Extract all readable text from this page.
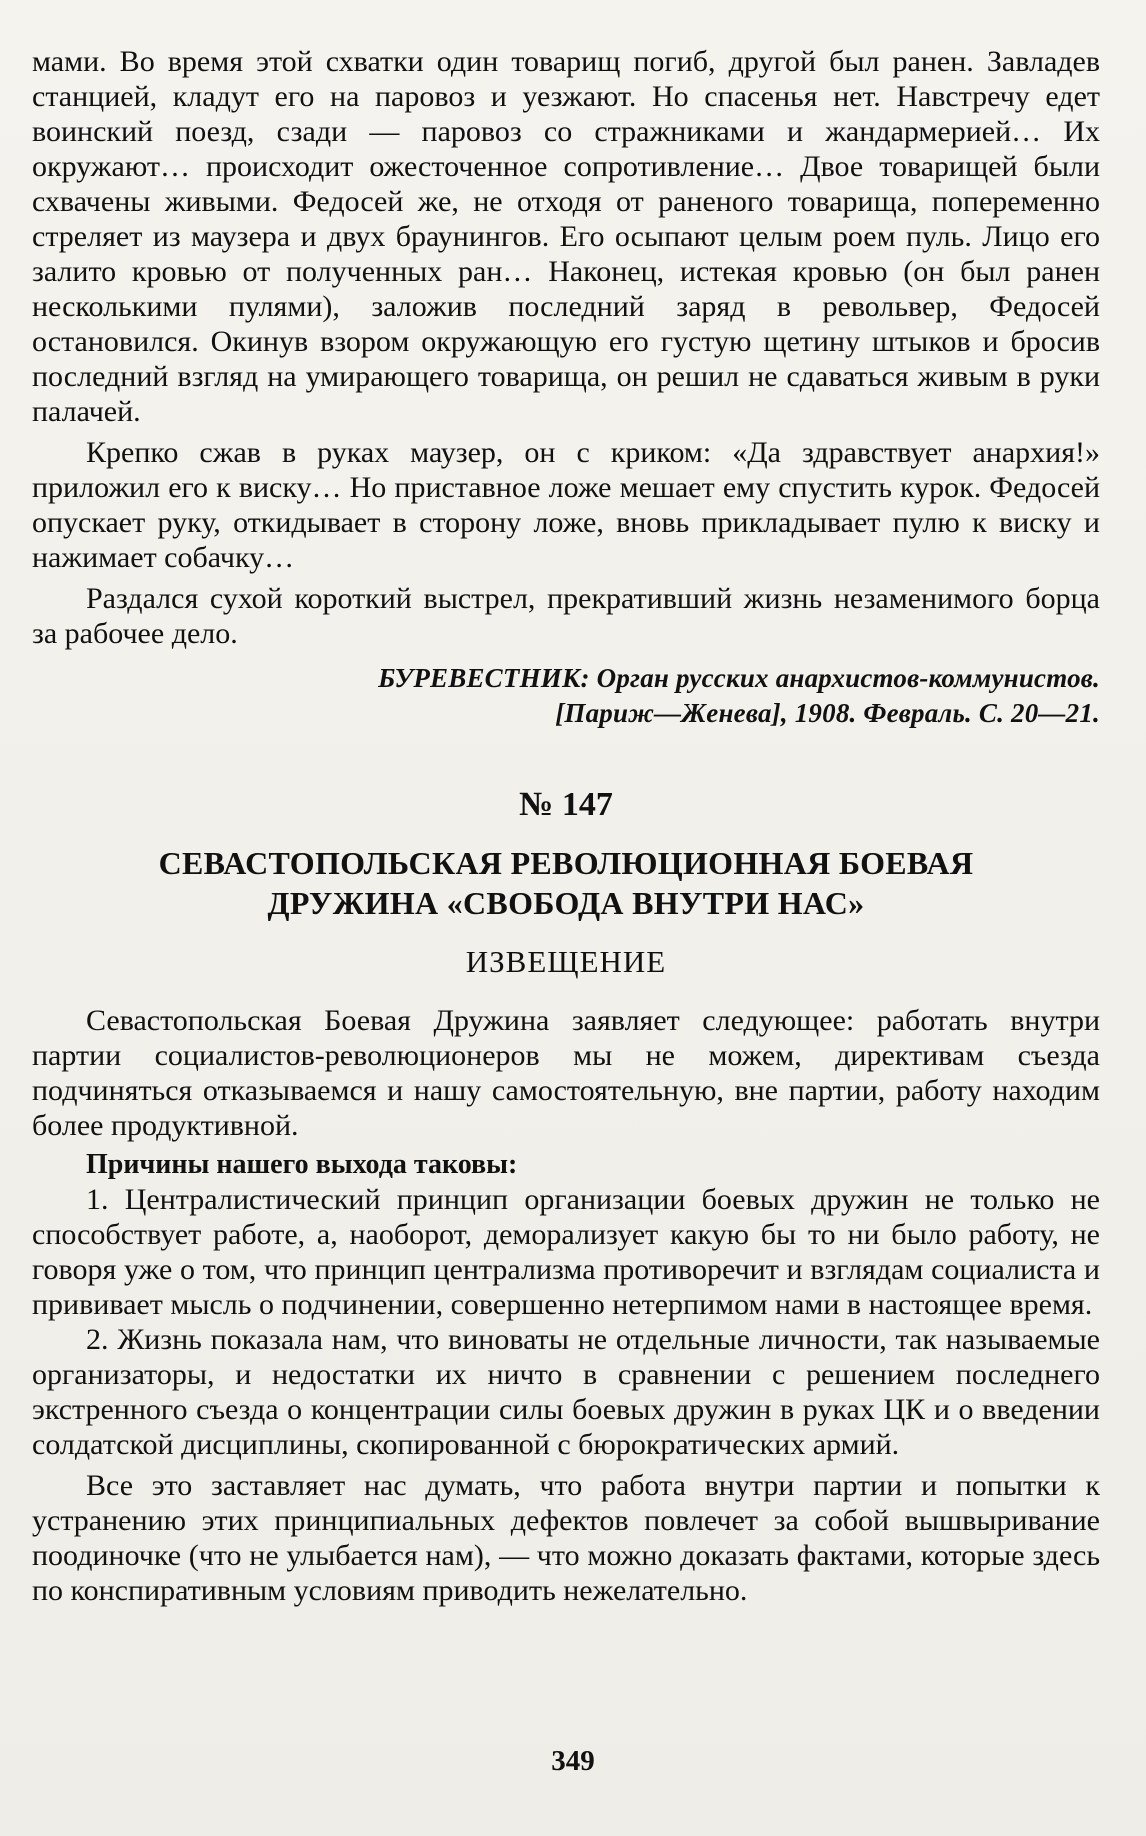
мами. Во время этой схватки один товарищ погиб, другой был ранен. Завладев станцией, кладут его на паровоз и уезжают. Но спасенья нет. Навстречу едет воинский поезд, сзади — паровоз со стражниками и жандармерией… Их окружают… происходит ожесточенное сопротивление… Двое товарищей были схвачены живыми. Федосей же, не отходя от раненого товарища, попеременно стреляет из маузера и двух браунингов. Его осыпают целым роем пуль. Лицо его залито кровью от полученных ран… Наконец, истекая кровью (он был ранен несколькими пулями), заложив последний заряд в револьвер, Федосей остановился. Окинув взором окружающую его густую щетину штыков и бросив последний взгляд на умирающего товарища, он решил не сдаваться живым в руки палачей.

Крепко сжав в руках маузер, он с криком: «Да здравствует анархия!» приложил его к виску… Но приставное ложе мешает ему спустить курок. Федосей опускает руку, откидывает в сторону ложе, вновь прикладывает пулю к виску и нажимает собачку…

Раздался сухой короткий выстрел, прекративший жизнь незаменимого борца за рабочее дело.

БУРЕВЕСТНИК: Орган русских анархистов-коммунистов.
[Париж—Женева], 1908. Февраль. С. 20—21.
№ 147
СЕВАСТОПОЛЬСКАЯ РЕВОЛЮЦИОННАЯ БОЕВАЯ
ДРУЖИНА «СВОБОДА ВНУТРИ НАС»
ИЗВЕЩЕНИЕ

Севастопольская Боевая Дружина заявляет следующее: работать внутри партии социалистов-революционеров мы не можем, директивам съезда подчиняться отказываемся и нашу самостоятельную, вне партии, работу находим более продуктивной.

Причины нашего выхода таковы:

1. Централистический принцип организации боевых дружин не только не способствует работе, а, наоборот, деморализует какую бы то ни было работу, не говоря уже о том, что принцип централизма противоречит и взглядам социалиста и прививает мысль о подчинении, совершенно нетерпимом нами в настоящее время.

2. Жизнь показала нам, что виноваты не отдельные личности, так называемые организаторы, и недостатки их ничто в сравнении с решением последнего экстренного съезда о концентрации силы боевых дружин в руках ЦК и о введении солдатской дисциплины, скопированной с бюрократических армий.

Все это заставляет нас думать, что работа внутри партии и попытки к устранению этих принципиальных дефектов повлечет за собой вышвыривание поодиночке (что не улыбается нам), — что можно доказать фактами, которые здесь по конспиративным условиям приводить нежелательно.

349
